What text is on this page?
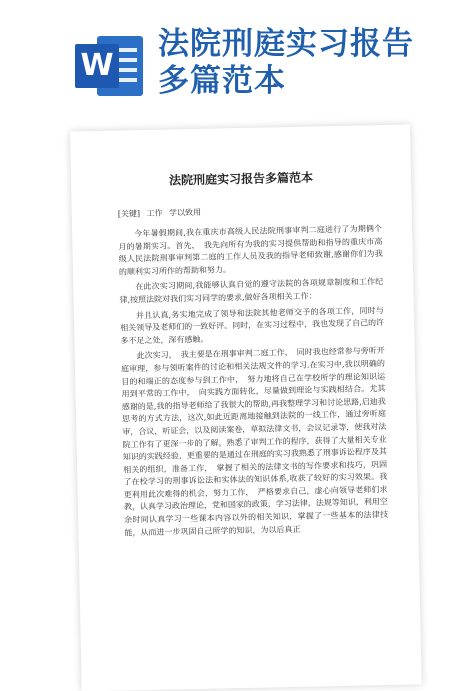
W
法院刑庭实习报告
多篇范本
法院刑庭实习报告多篇范本
[关键] 工作 学以致用

今年暑假期间,我在重庆市高级人民法院刑事审判二庭进行了为期俩个月的暑期实习。首先，　我先向所有为我的实习提供帮助和指导的重庆市高级人民法院刑事审判第二庭的工作人员及我的指导老师致谢,感谢你们为我的顺利实习所作的帮助和努力。

在此次实习期间,我能够认真自觉的遵守法院的各项规章制度和工作纪律,按照法院对我们实习同学的要求,做好各项相关工作：

并且认真,务实地完成了领导和法院其他老师交予的各项工作，同时与相关领导及老师们的一致好评。同时，在实习过程中，我也发现了自己的许多不足之处，深有感触。

此次实习，　我主要是在刑事审判二庭工作，　同时我也经常参与旁听开庭审理，参与领听案件的讨论和相关法规文件的学习.在实习中,我以明确的目的和端正的态度参与到工作中，　努力地将自己在学校所学的理论知识运用到平常的工作中，　向实践方面转化，尽量做到理论与实践相结合。尤其感谢的是,我的指导老师给了我很大的帮助,再我整理学习和讨论思路,启迪我思考的方式方法，这次,如此近距离地接触到法院的一线工作，通过旁听庭审，合议，听证会，以及阅读案卷，草拟法律文书，会议记录等，使我对法院工作有了更深一步的了解，熟悉了审判工作的程序，获得了大量相关专业知识的实践经验，更重要的是通过在刑庭的实习我熟悉了刑事诉讼程序及其相关的组织，准备工作，　掌握了相关的法律文书的写作要求和技巧，巩固了在校学习的刑事诉讼法和实体法的知识体系,收获了较好的实习效果。我更利用此次难得的机会，努力工作，　严格要求自己，虚心向领导老师们求教，认真学习政治理论，党和国家的政策，学习法律，法规等知识，利用空余时间认真学习一些课本内容以外的相关知识，掌握了一些基本的法律技能，从而进一步巩固自己所学的知识，为以后真正
